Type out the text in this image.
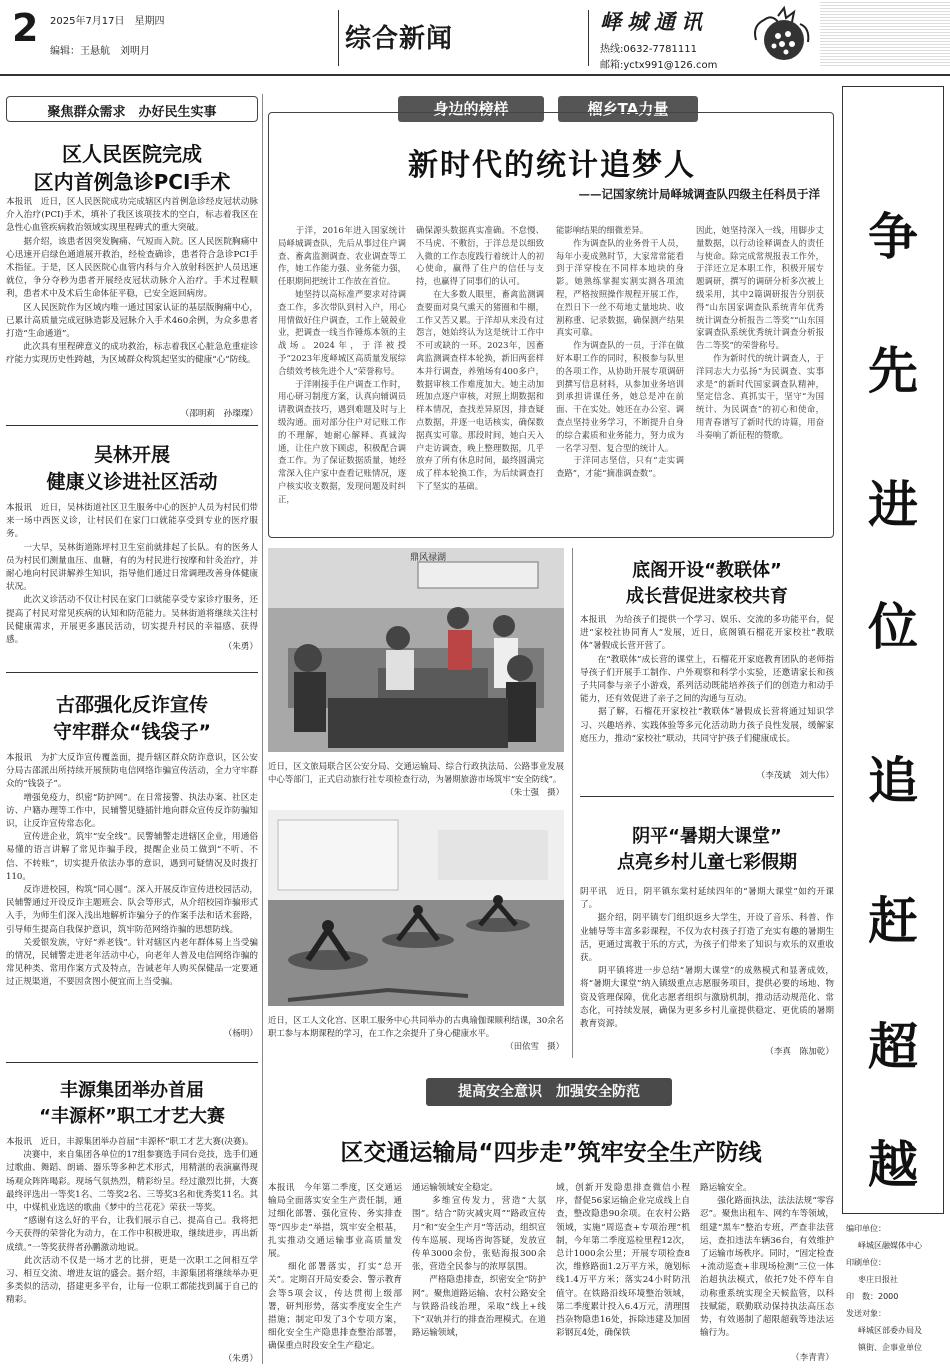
2 2025年7月17日　星期四
编辑：王悬航　刘明月	综合新闻
峄城通讯
热线:0632-7781111
邮箱:yctx991@126.com
聚焦群众需求　办好民生实事
区人民医院完成
区内首例急诊PCI手术
本报讯　近日，区人民医院成功完成辖区内首例急诊经皮冠状动脉介入治疗(PCI)手术，填补了我区该项技术的空白，标志着我区在急性心血管疾病救治领域实现里程碑式的重大突破。
　　据介绍，该患者因突发胸痛、气短而入院。区人民医院胸痛中心迅速开启绿色通道展开救治，经检查确诊，患者符合急诊PCI手术指征。于是，区人民医院心血管内科与介入放射科医护人员迅速就位，争分夺秒为患者开展经皮冠状动脉介入治疗。手术过程顺利，患者术中及术后生命体征平稳，已安全返回病房。
　　区人民医院作为区域内唯一通过国家认证的基层版胸痛中心，已累计高质量完成冠脉造影及冠脉介入手术460余例，为众多患者打造“生命通道”。
　　此次具有里程碑意义的成功救治，标志着我区心脏急危重症诊疗能力实现历史性跨越，为区域群众构筑起坚实的健康“心”防线。
（邵明莉　孙璨璨）
吴林开展
健康义诊进社区活动
本报讯　近日，吴林街道社区卫生服务中心的医护人员为村民们带来一场中西医义诊，让村民们在家门口就能享受到专业的医疗服务。
　　一大早，吴林街道陈坪村卫生室前就排起了长队。有的医务人员为村民们测量血压、血糖，有的为村民进行按摩和针灸治疗，并耐心地向村民讲解养生知识，指导他们通过日常调理改善身体健康状况。
　　此次义诊活动不仅让村民在家门口就能享受专家诊疗服务，还提高了村民对常见疾病的认知和防范能力。吴林街道将继续关注村民健康需求，开展更多惠民活动，切实提升村民的幸福感、获得感。
（朱勇）
古邵强化反诈宣传
守牢群众“钱袋子”
本报讯　为扩大反诈宣传覆盖面，提升辖区群众防诈意识，区公安分局古邵派出所持续开展预防电信网络诈骗宣传活动，全力守牢群众的“钱袋子”。
　　增强免疫力，织密“防护网”。在日常接警、执法办案、社区走访、户籍办理等工作中，民辅警见缝插针地向群众宣传反诈防骗知识，让反诈宣传常态化。
　　宣传进企业，筑牢“安全线”。民警辅警走进辖区企业，用通俗易懂的语言讲解了常见诈骗手段，提醒企业员工做到“不听、不信、不转账”，切实提升依法办事的意识，遇到可疑情况及时拨打110。
　　反诈进校园，构筑“同心圆”。深入开展反诈宣传进校园活动，民辅警通过开设反诈主题班会、队会等形式，从介绍校园诈骗形式入手，为师生们深入浅出地解析诈骗分子的作案手法和话术套路，引导师生提高自我保护意识，筑牢防范网络诈骗的思想防线。
　　关爱银发族，守好“养老钱”。针对辖区内老年群体易上当受骗的情况，民辅警走进老年活动中心，向老年人普及电信网络诈骗的常见种类、常用作案方式及特点，告诫老年人购买保健品一定要通过正规渠道，不要因贪图小便宜而上当受骗。
（杨明）
丰源集团举办首届
“丰源杯”职工才艺大赛
本报讯　近日，丰源集团举办首届“丰源杯”职工才艺大赛(决赛)。
　　决赛中，来自集团各单位的17组参赛选手同台竞技，选手们通过歌曲、舞蹈、朗诵、器乐等多种艺术形式，用精湛的表演赢得现场观众阵阵喝彩。现场气氛热烈，精彩纷呈。经过激烈比拼，大赛最终评选出一等奖1名、二等奖2名、三等奖3名和优秀奖11名。其中，中煤机业选送的歌曲《梦中的兰花花》荣获一等奖。
　　“感谢有这么好的平台，让我们展示自己、提高自己。我将把今天获得的荣誉化为动力，在工作中积极进取，继续进步，再出新成绩。”一等奖获得者孙鹏激动地说。
　　此次活动不仅是一场才艺的比拼，更是一次职工之间相互学习、相互交流、增进友谊的盛会。据介绍，丰源集团将继续举办更多类似的活动，搭建更多平台，让每一位职工都能找到属于自己的精彩。
（朱勇）
身边的榜样	榴乡TA力量
新时代的统计追梦人
——记国家统计局峄城调查队四级主任科员于洋
　　于洋，2016年进入国家统计局峄城调查队，先后从事过住户调查、畜禽监测调查、农业调查等工作，她工作能力强、业务能力强，任职期间把统计工作放在首位。
　　她坚持以高标准严要求对待调查工作，多次带队到村入户，用心用情做好住户调查，工作上兢兢业业，把调查一线当作锤炼本领的主战场。2024年，于洋被授予“2023年度峄城区高质量发展综合绩效考核先进个人”荣誉称号。
　　于洋刚接手住户调查工作时，用心研习制度方案，认真向辅调员请教调查技巧，遇到难题及时与上级沟通。面对部分住户对记账工作的不理解，她耐心解释、真诚沟通，让住户放下顾虑，积极配合调查工作。为了保证数据质量，她经常深入住户家中查看记账情况，逐户核实收支数据，发现问题及时纠正，
确保源头数据真实准确。不怠慢、不马虎、不敷衍，于洋总是以细致入微的工作态度践行着统计人的初心使命，赢得了住户的信任与支持，也赢得了同事们的认可。
　　在大多数人眼里，畜禽监测调查要面对臭气熏天的猪圈和牛棚，工作又苦又累。于洋却从来没有过怨言，她始终认为这是统计工作中不可或缺的一环。2023年，因畜禽监测调查样本轮换，新旧两套样本并行调查，养殖场有400多户，数据审核工作难度加大。她主动加班加点逐户审核，对照上期数据和样本情况，查找差异原因，排查疑点数据，并逐一电话核实，确保数据真实可靠。那段时间，她白天入户走访调查，晚上整理数据，几乎放弃了所有休息时间，最终圆满完成了样本轮换工作，为后续调查打下了坚实的基础。
能影响结果的细微差异。
　　作为调查队的业务骨干人员，每年小麦成熟时节，大家常常能看到于洋穿梭在不同样本地块的身影。她熟练掌握实割实测各项流程，严格按照操作规程开展工作，在烈日下一丝不苟地丈量地块、收割称重、记录数据，确保测产结果真实可靠。
　　作为调查队的一员，于洋在做好本职工作的同时，积极参与队里的各项工作，从协助开展专项调研到撰写信息材料，从参加业务培训到承担讲课任务，她总是冲在前面、干在实处。她还在办公室、调查点坚持业务学习，不断提升自身的综合素质和业务能力，努力成为一名学习型、复合型的统计人。
　　于洋同志坚信，只有“走实调查路”，才能“摘准调查数”。
因此，她坚持深入一线，用脚步丈量数据，以行动诠释调查人的责任与使命。除完成常规报表工作外，于洋还立足本职工作，积极开展专题调研，撰写的调研分析多次被上级采用，其中2篇调研报告分别获得“山东国家调查队系统青年优秀统计调查分析报告二等奖”“山东国家调查队系统优秀统计调查分析报告二等奖”的荣誉称号。
　　作为新时代的统计调查人，于洋同志大力弘扬“为民调查、实事求是”的新时代国家调查队精神，坚定信念、真抓实干，坚守“为国统计、为民调查”的初心和使命，用青春谱写了新时代的诗篇，用奋斗奏响了新征程的赞歌。
鼎风禄湖
近日，区文旅局联合区公安分局、交通运输局、综合行政执法局、公路事业发展中心等部门，正式启动旅行社专项检查行动，为暑期旅游市场筑牢“安全防线”。
（朱士强　摄）
近日，区工人文化宫、区职工服务中心共同举办的古典瑜伽课顺利结课，30余名职工参与本期课程的学习，在工作之余提升了身心健康水平。
（田依雪　摄）
底阁开设“教联体”
成长营促进家校共育
本报讯　为给孩子们提供一个学习、娱乐、交流的多功能平台，促进“家校社协同育人”发展，近日，底阁镇石榴花开家校社“教联体”暑假成长营开营了。
　　在“教联体”成长营的课堂上，石榴花开家庭教育团队的老师指导孩子们开展手工制作、户外观察和科学小实验，还邀请家长和孩子共同参与亲子小游戏，系列活动既能培养孩子们的创造力和动手能力，还有效促进了亲子之间的沟通与互动。
　　据了解，石榴花开家校社“教联体”暑假成长营将通过知识学习、兴趣培养、实践体验等多元化活动助力孩子良性发展，缓解家庭压力，推动“家校社”联动，共同守护孩子们健康成长。
（李茂斌　刘大伟）
阴平“暑期大课堂”
点亮乡村儿童七彩假期
阴平讯　近日，阴平镇东棠村延续四年的“暑期大课堂”如约开课了。
　　据介绍，阴平镇专门组织返乡大学生，开设了音乐、科普、作业辅导等丰富多彩课程，不仅为农村孩子打造了充实有趣的暑期生活，更通过寓教于乐的方式，为孩子们带来了知识与欢乐的双重收获。
　　阴平镇将进一步总结“暑期大课堂”的成熟模式和显著成效，将“暑期大课堂”纳入镇级重点志愿服务项目，提供必要的场地、物资及管理保障，优化志愿者组织与激励机制，推动活动规范化、常态化，可持续发展，确保为更多乡村儿童提供稳定、更优质的暑期教育资源。
（李真　陈加乾）
提高安全意识　加强安全防范
区交通运输局“四步走”筑牢安全生产防线
本报讯　今年第二季度，区交通运输局全面落实安全生产责任制，通过细化部署、强化宣传、务实排查等“四步走”举措，筑牢安全根基，扎实推动交通运输事业高质量发展。
　　细化部署落实，打实“总开关”。定期召开局安委会、警示教育会等5项会议，传达贯彻上级部署，研判形势，落实季度安全生产措施；制定印发了3个专项方案，细化安全生产隐患排查整治部署，确保重点时段安全生产稳定。
通运输领域安全稳定。
　　多维宣传发力，营造“大氛围”。结合“防灾减灾周”“路政宣传月”和“安全生产月”等活动，组织宣传车巡展、现场咨询答疑，发放宣传单3000余份，张贴海报300余张，营造全民参与的浓厚氛围。
　　严格隐患排查，织密安全“防护网”。聚焦道路运输、农村公路安全与铁路沿线治理，采取“线上+线下”双轨并行的排查治理模式。在道路运输领域，
域，创新开发隐患排查微信小程序，督促56家运输企业完成线上自查，整改隐患90余项。在农村公路领域，实施“周巡查+专项治理”机制，今年第二季度巡检里程12次，总计1000余公里；开展专项检查8次，维修路面1.2万平方米，施划标线1.4万平方米；落实24小时防汛值守。在铁路沿线环境整治领域，第二季度累计投入6.4万元，清理围挡杂物隐患16处，拆除违建及加固彩钢瓦4处，确保铁
路运输安全。
　　强化路面执法，法法法规“零容忍”。聚焦出租车、网约车等领域，组建“黑车”整治专班，严查非法营运，查扣违法车辆36台，有效维护了运输市场秩序。同时，“固定检查+流动巡查+非现场检测”三位一体治超执法模式，依托7处不停车自动称重系统实现全天候监管，以科技赋能，联勤联动保持执法高压态势，有效遏制了超限超载等违法运输行为。
（李青青）
争
先
进
位
追
赶
超
越
编印单位：
峄城区融媒体中心
印刷单位：
枣庄日报社
印　数：2000
发送对象：
峄城区部委办局及
镇街、企事业单位
